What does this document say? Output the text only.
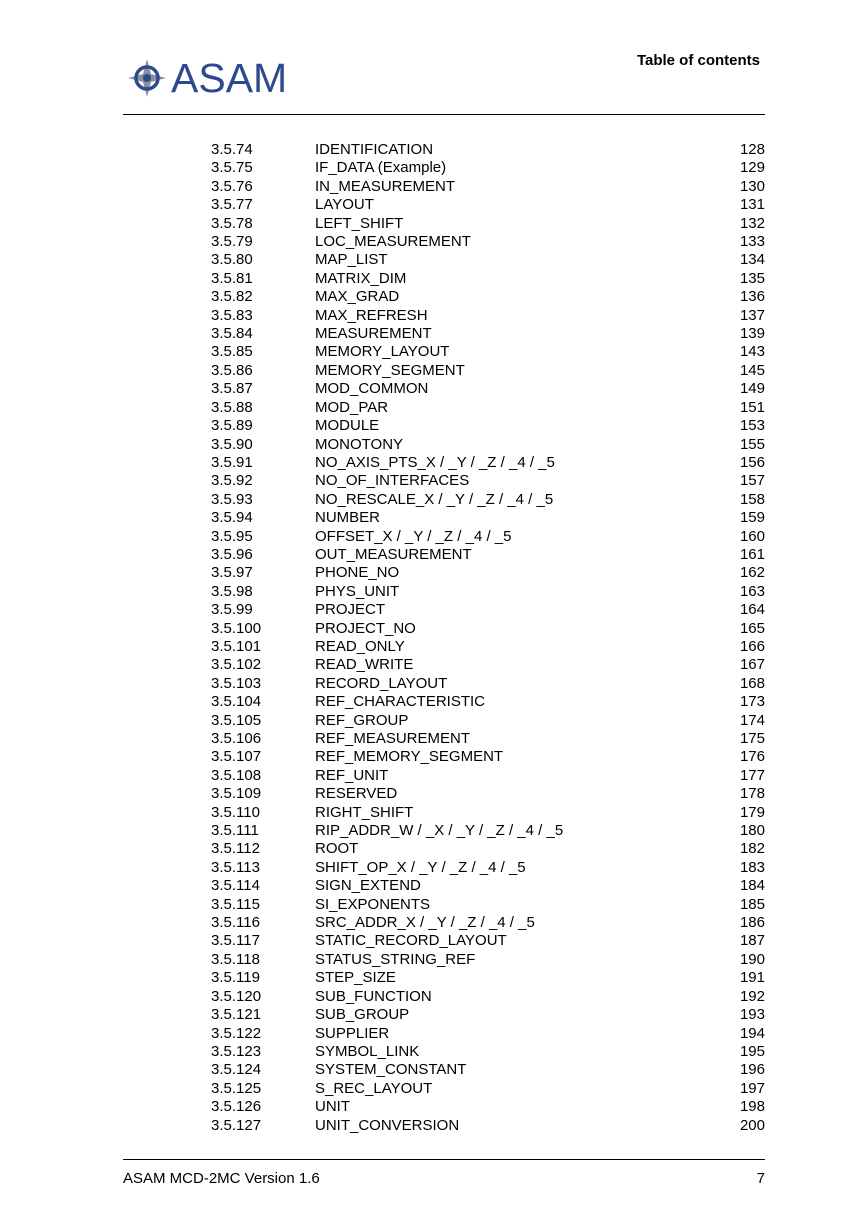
ASAM	Table of contents
3.5.74	IDENTIFICATION	128
3.5.75	IF_DATA (Example)	129
3.5.76	IN_MEASUREMENT	130
3.5.77	LAYOUT	131
3.5.78	LEFT_SHIFT	132
3.5.79	LOC_MEASUREMENT	133
3.5.80	MAP_LIST	134
3.5.81	MATRIX_DIM	135
3.5.82	MAX_GRAD	136
3.5.83	MAX_REFRESH	137
3.5.84	MEASUREMENT	139
3.5.85	MEMORY_LAYOUT	143
3.5.86	MEMORY_SEGMENT	145
3.5.87	MOD_COMMON	149
3.5.88	MOD_PAR	151
3.5.89	MODULE	153
3.5.90	MONOTONY	155
3.5.91	NO_AXIS_PTS_X / _Y / _Z / _4 / _5	156
3.5.92	NO_OF_INTERFACES	157
3.5.93	NO_RESCALE_X / _Y / _Z / _4 / _5	158
3.5.94	NUMBER	159
3.5.95	OFFSET_X / _Y / _Z / _4 / _5	160
3.5.96	OUT_MEASUREMENT	161
3.5.97	PHONE_NO	162
3.5.98	PHYS_UNIT	163
3.5.99	PROJECT	164
3.5.100	PROJECT_NO	165
3.5.101	READ_ONLY	166
3.5.102	READ_WRITE	167
3.5.103	RECORD_LAYOUT	168
3.5.104	REF_CHARACTERISTIC	173
3.5.105	REF_GROUP	174
3.5.106	REF_MEASUREMENT	175
3.5.107	REF_MEMORY_SEGMENT	176
3.5.108	REF_UNIT	177
3.5.109	RESERVED	178
3.5.110	RIGHT_SHIFT	179
3.5.111	RIP_ADDR_W / _X / _Y / _Z / _4 / _5	180
3.5.112	ROOT	182
3.5.113	SHIFT_OP_X / _Y / _Z / _4 / _5	183
3.5.114	SIGN_EXTEND	184
3.5.115	SI_EXPONENTS	185
3.5.116	SRC_ADDR_X / _Y / _Z / _4 / _5	186
3.5.117	STATIC_RECORD_LAYOUT	187
3.5.118	STATUS_STRING_REF	190
3.5.119	STEP_SIZE	191
3.5.120	SUB_FUNCTION	192
3.5.121	SUB_GROUP	193
3.5.122	SUPPLIER	194
3.5.123	SYMBOL_LINK	195
3.5.124	SYSTEM_CONSTANT	196
3.5.125	S_REC_LAYOUT	197
3.5.126	UNIT	198
3.5.127	UNIT_CONVERSION	200
ASAM MCD-2MC Version 1.6	7
